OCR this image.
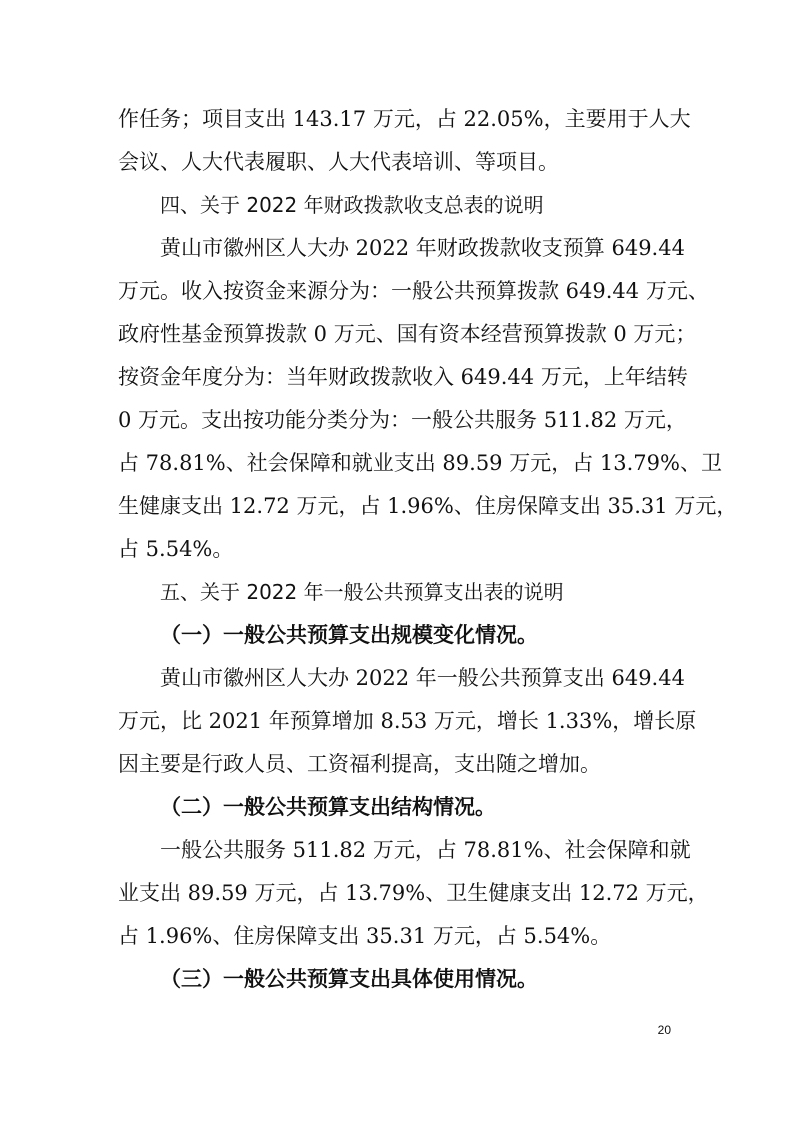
作任务；项目支出 143.17 万元，占 22.05%，主要用于人大
会议、人大代表履职、人大代表培训、等项目。
四、关于 2022 年财政拨款收支总表的说明
黄山市徽州区人大办 2022 年财政拨款收支预算 649.44
万元。收入按资金来源分为：一般公共预算拨款 649.44 万元、
政府性基金预算拨款 0 万元、国有资本经营预算拨款 0 万元；
按资金年度分为：当年财政拨款收入 649.44 万元，上年结转
0 万元。支出按功能分类分为：一般公共服务 511.82 万元，
占 78.81%、社会保障和就业支出 89.59 万元，占 13.79%、卫
生健康支出 12.72 万元，占 1.96%、住房保障支出 35.31 万元，
占 5.54%。
五、关于 2022 年一般公共预算支出表的说明
（一）一般公共预算支出规模变化情况。
黄山市徽州区人大办 2022 年一般公共预算支出 649.44
万元，比 2021 年预算增加 8.53 万元，增长 1.33%，增长原
因主要是行政人员、工资福利提高，支出随之增加。
（二）一般公共预算支出结构情况。
一般公共服务 511.82 万元，占 78.81%、社会保障和就
业支出 89.59 万元，占 13.79%、卫生健康支出 12.72 万元，
占 1.96%、住房保障支出 35.31 万元，占 5.54%。
（三）一般公共预算支出具体使用情况。
20
